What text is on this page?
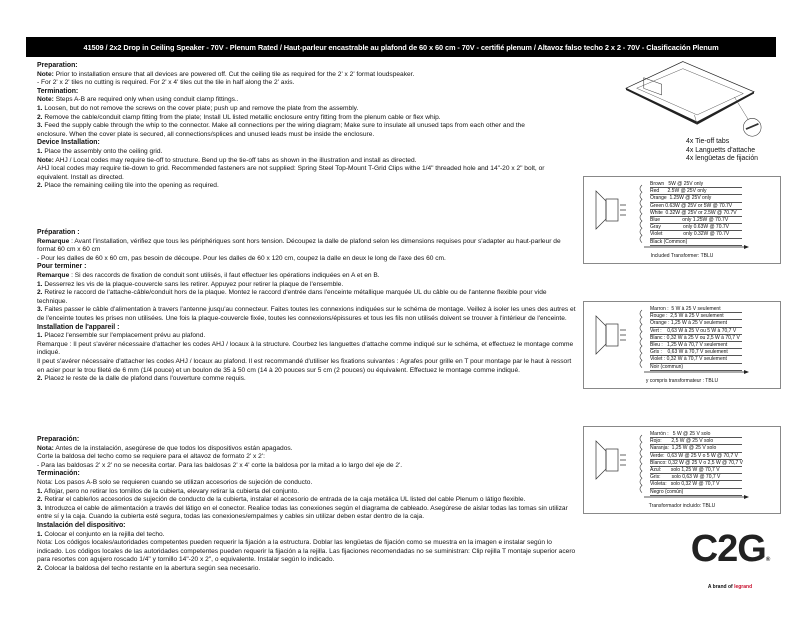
41509 / 2x2 Drop in Ceiling Speaker - 70V - Plenum Rated / Haut-parleur encastrable au plafond de 60 x 60 cm - 70V - certifié plenum / Altavoz falso techo 2 x 2 - 70V - Clasificación Plenum

Preparation:

Note: Prior to installation ensure that all devices are powered off. Cut the ceiling tile as required for the 2' x 2' format loudspeaker.

- For 2' x 2' tiles no cutting is required. For 2' x 4' tiles cut the tile in half along the 2' axis.

Termination:

Note: Steps A-B are required only when using conduit clamp fittings..

1. Loosen, but do not remove the screws on the cover plate; push up and remove the plate from the assembly.

2. Remove the cable/conduit clamp fitting from the plate; Install UL listed metallic enclosure entry fitting from the plenum cable or flex whip.

3. Feed the supply cable through the whip to the connector. Make all connections per the wiring diagram; Make sure to insulate all unused taps from each other and the enclosure. When the cover plate is secured, all connections/splices and unused leads must be inside the enclosure.

Device Installation:

1. Place the assembly onto the ceiling grid.

Note: AHJ / Local codes may require tie-off to structure. Bend up the tie-off tabs as shown in the illustration and install as directed.

AHJ local codes may require tie-down to grid. Recommended fasteners are not supplied: Spring Steel Top-Mount T-Grid Clips withe 1/4" threaded hole and 14"-20 x 2" bolt, or equivalent. Install as directed.

2. Place the remaining ceiling tile into the opening as required.

Préparation :

Remarque : Avant l'installation, vérifiez que tous les périphériques sont hors tension. Découpez la dalle de plafond selon les dimensions requises pour s'adapter au haut-parleur de format 60 cm x 60 cm

- Pour les dalles de 60 x 60 cm, pas besoin de découpe. Pour les dalles de 60 x 120 cm, coupez la dalle en deux le long de l'axe des 60 cm.

Pour terminer :

Remarque : Si des raccords de fixation de conduit sont utilisés, il faut effectuer les opérations indiquées en A et en B.

1. Desserrez les vis de la plaque-couvercle sans les retirer. Appuyez pour retirer la plaque de l'ensemble.

2. Retirez le raccord de l'attache-câble/conduit hors de la plaque. Montez le raccord d'entrée dans l'enceinte métallique marquée UL du câble ou de l'antenne flexible pour vide technique.

3. Faites passer le câble d'alimentation à travers l'antenne jusqu'au connecteur. Faites toutes les connexions indiquées sur le schéma de montage. Veillez à isoler les unes des autres et de l'enceinte toutes les prises non utilisées. Une fois la plaque-couvercle fixée, toutes les connexions/épissures et tous les fils non utilisés doivent se trouver à l'intérieur de l'enceinte.

Installation de l'appareil :

1. Placez l'ensemble sur l'emplacement prévu au plafond.

Remarque : Il peut s'avérer nécessaire d'attacher les codes AHJ / locaux à la structure. Courbez les languettes d'attache comme indiqué sur le schéma, et effectuez le montage comme indiqué.

Il peut s'avérer nécessaire d'attacher les codes AHJ / locaux au plafond. Il est recommandé d'utiliser les fixations suivantes : Agrafes pour grille en T pour montage par le haut à ressort en acier pour le trou fileté de 6 mm (1/4 pouce) et un boulon de 35 à 50 cm (14 à 20 pouces sur 5 cm (2 pouces) ou équivalent. Effectuez le montage comme indiqué.

2. Placez le reste de la dalle de plafond dans l'ouverture comme requis.

Preparación:

Nota: Antes de la instalación, asegúrese de que todos los dispositivos están apagados.

Corte la baldosa del techo como se requiere para el altavoz de formato 2' x 2':

- Para las baldosas 2' x 2' no se necesita cortar. Para las baldosas 2' x 4' corte la baldosa por la mitad a lo largo del eje de 2'.

Terminación:

Nota: Los pasos A-B solo se requieren cuando se utilizan accesorios de sujeción de conducto.

1. Aflojar, pero no retirar los tornillos de la cubierta, elevary retirar la cubierta del conjunto.

2. Retirar el cable/los accesorios de sujeción de conducto de la cubierta, instalar el accesorio de entrada de la caja metálica UL listed del cable Plenum o látigo flexible.

3. Introduzca el cable de alimentación a través del látigo en el conector. Realice todas las conexiones según el diagrama de cableado. Asegúrese de aislar todas las tomas sin utilizar entre sí y la caja. Cuando la cubierta esté segura, todas las conexiones/empalmes y cables sin utilizar deben estar dentro de la caja.

Instalación del dispositivo:

1. Colocar el conjunto en la rejilla del techo.

Nota: Los códigos locales/autoridades competentes pueden requerir la fijación a la estructura. Doblar las lengüetas de fijación como se muestra en la imagen e instalar según lo indicado. Los códigos locales de las autoridades competentes pueden requerir la fijación a la rejilla. Las fijaciones recomendadas no se suministran: Clip rejilla T montaje superior acero para resortes con agujero roscado 1/4" y tornillo 14"-20 x 2", o equivalente. Instalar según lo indicado.

2. Colocar la baldosa del techo restante en la abertura según sea necesario.

4x Tie-off tabs
4x Languetts d'attache
4x lengüetas de fijación
Brown   5W @ 25V only
Red      2.5W @ 25V only
Orange  1.25W @ 25V only
Green 0.63W @ 25V or 5W @ 70.7V
White  0.32W @ 25V or 2.5W @ 70.7V
Blue                only 1.25W @ 70.7V
Gray                only 0.63W @ 70.7V
Violet               only 0.32W @ 70.7V
Black (Common)
Included Transformer: TBLU
Marron :  5 W à 25 V seulement
Rouge :  2,5 W à 25 V seulement
Orange : 1,25 W à 25 V seulement
Vert :    0,63 W à 25 V ou 5 W à 70,7 V
Blanc : 0,32 W à 25 V ou 2,5 W à 70,7 V
Bleu :   1,25 W à 70,7 V seulement
Gris :    0,63 W à 70,7 V seulement
Violet : 0,32 W à 70,7 V seulement
Noir (commun)
y compris transformateur : TBLU
Marrón :   5 W @ 25 V solo
Rojo:       2,5 W @ 25 V solo
Naranja:  1,25 W @ 25 V solo
Verde:  0,63 W @ 25 V o 5 W @ 70,7 V
Blanco: 0,32 W @ 25 V o 2,5 W @ 70,7 V
Azul:       solo 1,25 W @ 70,7 V
Gris:        solo 0,63 W @ 70,7 V
Violeta:   solo 0,32 W @ 70,7 V
Negro (común)
Transformador incluido: TBLU
C2G®
A brand of legrand
